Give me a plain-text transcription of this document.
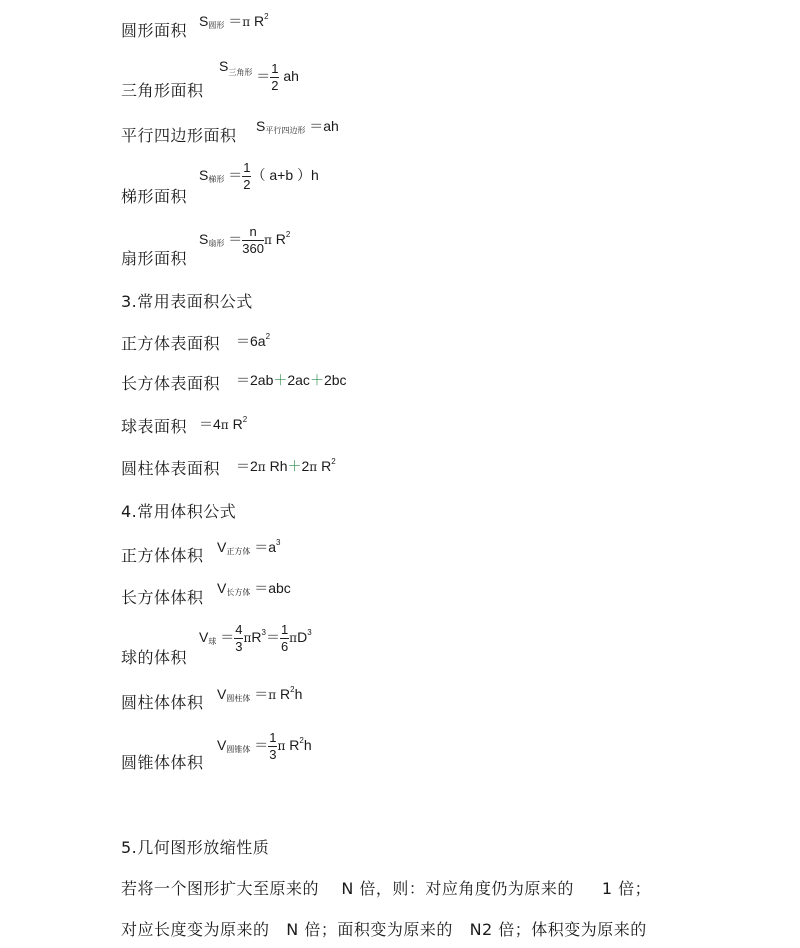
圆形面积 $S_{圆形} =\pi$ $R^2$
三角形面积
$S_{三角形} = \frac{1}{2}$ ah
平行四边形面积 $S_{平行四边形} =ah$
梯形面积
$S_{梯形} = \frac{1}{2}$ （ a+b ）h
扇形面积
$S_{扇形} = \frac{n}{360}$ π $R^2$
3.常用表面积公式
正方体表面积 $=6a^2$
长方体表面积 ＝2ab＋2ac＋2bc
球表面积 ＝4π $R^2$
圆柱体表面积 ＝2π Rh＋2π $R^2$
4.常用体积公式
正方体体积 $V_{正方体} =a^3$
长方体体积 $V_{长方体} =abc$
球的体积
$V_球 = \frac{4}{3} \pi R^3= \frac{1}{6} \pi D^3$
圆柱体体积 $V_{圆柱体} =\pi$ $R^2h$
圆锥体体积
$V_{圆锥体} = \frac{1}{3}$ π $R^2h$
5.几何图形放缩性质
若将一个图形扩大至原来的    N 倍，则：对应角度仍为原来的     1 倍；
对应长度变为原来的   N 倍；面积变为原来的   N2 倍；体积变为原来的
